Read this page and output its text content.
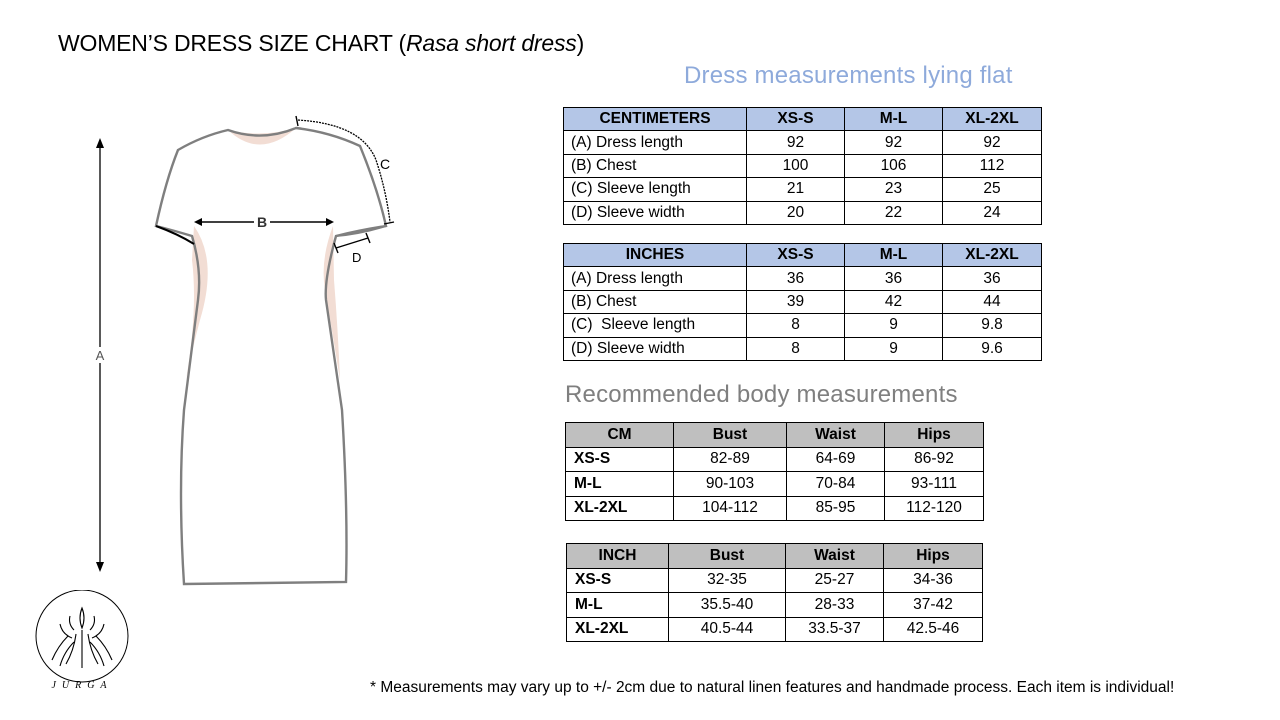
WOMEN’S DRESS SIZE CHART (Rasa short dress)
Dress measurements lying flat
A
B
C
D
CENTIMETERS	XS-S	M-L	XL-2XL
(A) Dress length	92	92	92
(B) Chest	100	106	112
(C) Sleeve length	21	23	25
(D) Sleeve width	20	22	24
INCHES	XS-S	M-L	XL-2XL
(A) Dress length	36	36	36
(B) Chest	39	42	44
(C)  Sleeve length	8	9	9.8
(D) Sleeve width	8	9	9.6
Recommended body measurements
CM	Bust	Waist	Hips
XS-S	82-89	64-69	86-92
M-L	90-103	70-84	93-111
XL-2XL	104-112	85-95	112-120
INCH	Bust	Waist	Hips
XS-S	32-35	25-27	34-36
M-L	35.5-40	28-33	37-42
XL-2XL	40.5-44	33.5-37	42.5-46
JURGA	* Measurements may vary up to +/- 2cm due to natural linen features and handmade process. Each item is individual!
